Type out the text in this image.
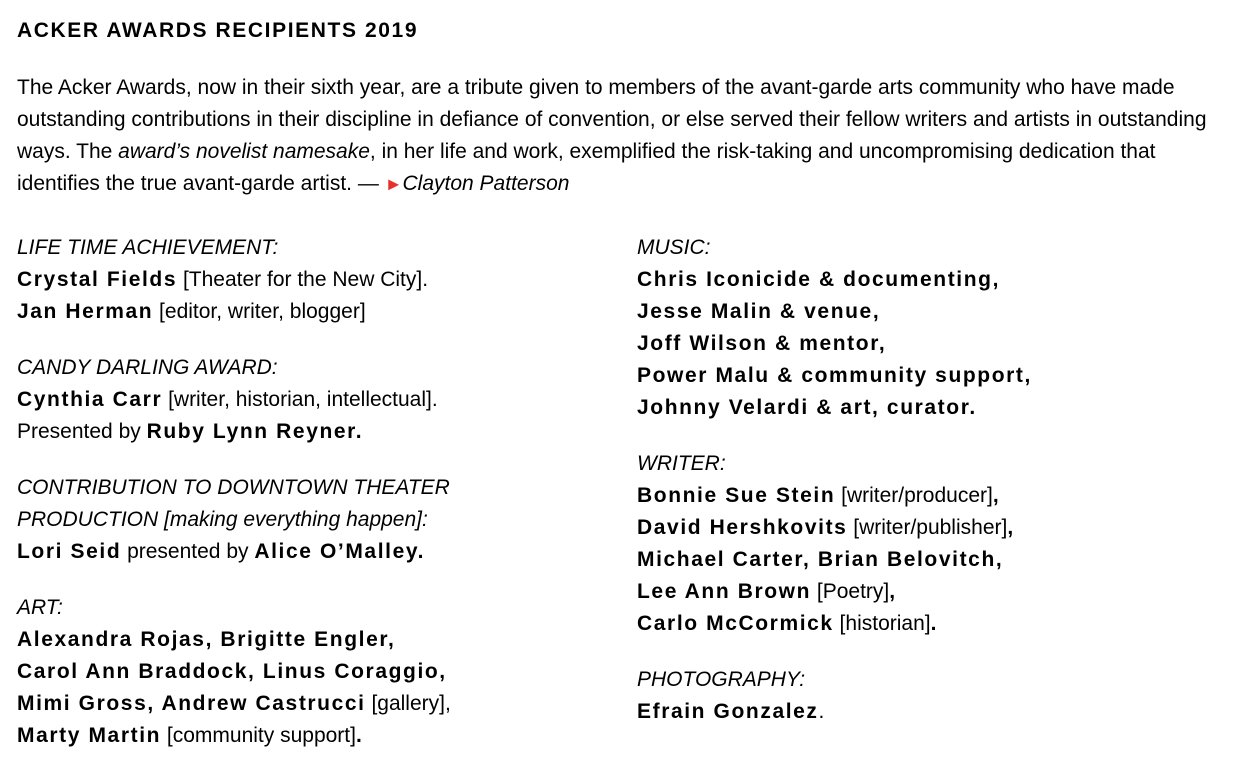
ACKER AWARDS RECIPIENTS 2019

The Acker Awards, now in their sixth year, are a tribute given to members of the avant-garde arts community who have made outstanding contributions in their discipline in defiance of convention, or else served their fellow writers and artists in outstanding ways. The award’s novelist namesake, in her life and work, exemplified the risk-taking and uncompromising dedication that identifies the true avant-garde artist. — ►Clayton Patterson

LIFE TIME ACHIEVEMENT:
Crystal Fields [Theater for the New City].
Jan Herman [editor, writer, blogger]
CANDY DARLING AWARD:
Cynthia Carr [writer, historian, intellectual].
Presented by Ruby Lynn Reyner.
CONTRIBUTION TO DOWNTOWN THEATER
PRODUCTION [making everything happen]:
Lori Seid presented by Alice O’Malley.
ART:
Alexandra Rojas, Brigitte Engler,
Carol Ann Braddock, Linus Coraggio,
Mimi Gross, Andrew Castrucci [gallery],
Marty Martin [community support].
MUSIC:
Chris Iconicide & documenting,
Jesse Malin & venue,
Joff Wilson & mentor,
Power Malu & community support,
Johnny Velardi & art, curator.
WRITER:
Bonnie Sue Stein [writer/producer],
David Hershkovits [writer/publisher],
Michael Carter, Brian Belovitch,
Lee Ann Brown [Poetry],
Carlo McCormick [historian].
PHOTOGRAPHY:
Efrain Gonzalez.
